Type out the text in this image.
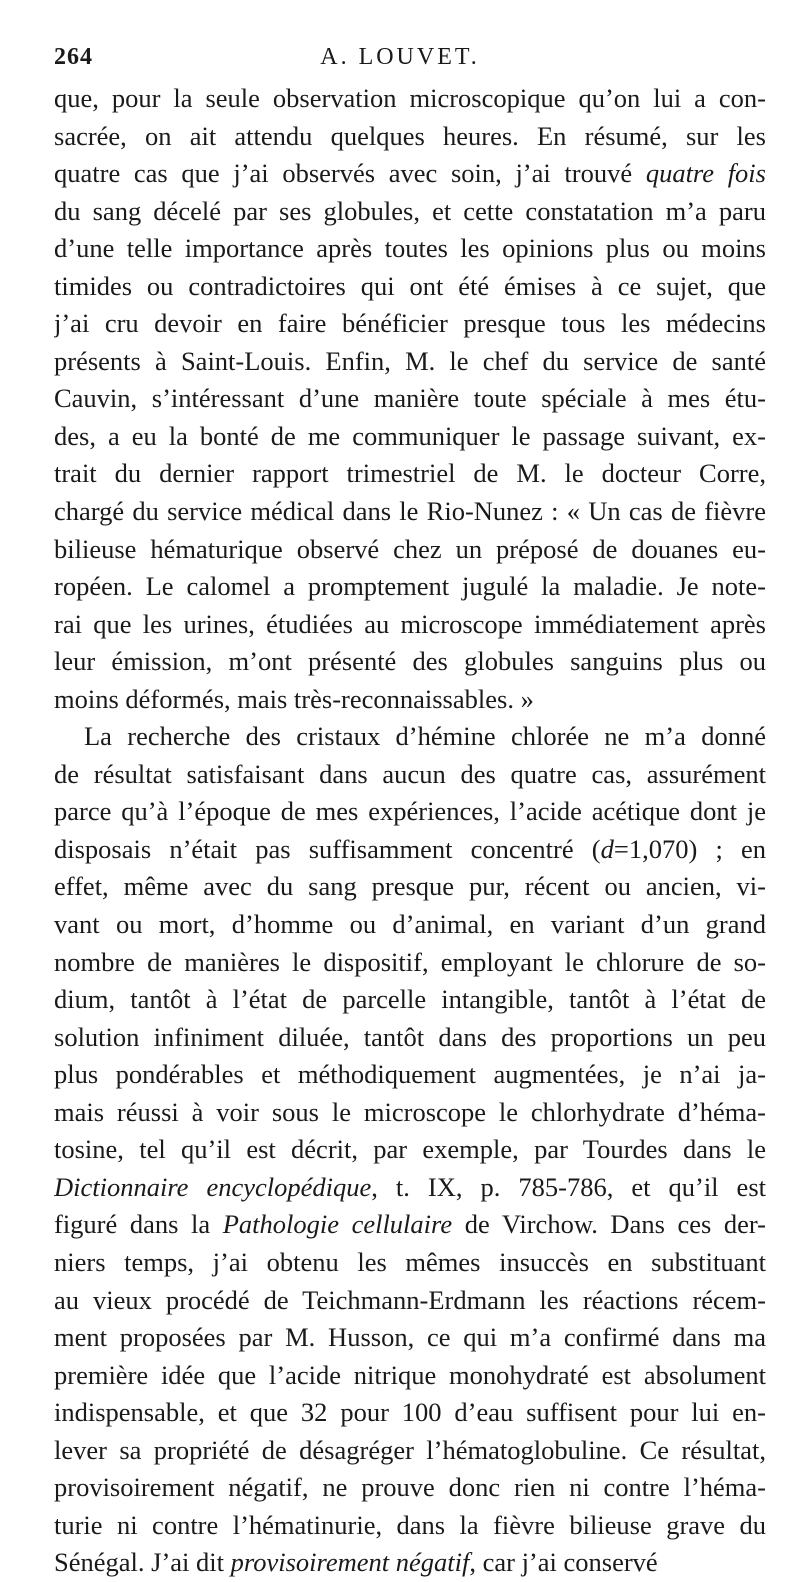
264	A. LOUVET.
que, pour la seule observation microscopique qu’on lui a con-
sacrée, on ait attendu quelques heures. En résumé, sur les
quatre cas que j’ai observés avec soin, j’ai trouvé quatre fois
du sang décelé par ses globules, et cette constatation m’a paru
d’une telle importance après toutes les opinions plus ou moins
timides ou contradictoires qui ont été émises à ce sujet, que
j’ai cru devoir en faire bénéficier presque tous les médecins
présents à Saint-Louis. Enfin, M. le chef du service de santé
Cauvin, s’intéressant d’une manière toute spéciale à mes étu-
des, a eu la bonté de me communiquer le passage suivant, ex-
trait du dernier rapport trimestriel de M. le docteur Corre,
chargé du service médical dans le Rio-Nunez : « Un cas de fièvre
bilieuse hématurique observé chez un préposé de douanes eu-
ropéen. Le calomel a promptement jugulé la maladie. Je note-
rai que les urines, étudiées au microscope immédiatement après
leur émission, m’ont présenté des globules sanguins plus ou
moins déformés, mais très-reconnaissables. »
La recherche des cristaux d’hémine chlorée ne m’a donné
de résultat satisfaisant dans aucun des quatre cas, assurément
parce qu’à l’époque de mes expériences, l’acide acétique dont je
disposais n’était pas suffisamment concentré (d=1,070) ; en
effet, même avec du sang presque pur, récent ou ancien, vi-
vant ou mort, d’homme ou d’animal, en variant d’un grand
nombre de manières le dispositif, employant le chlorure de so-
dium, tantôt à l’état de parcelle intangible, tantôt à l’état de
solution infiniment diluée, tantôt dans des proportions un peu
plus pondérables et méthodiquement augmentées, je n’ai ja-
mais réussi à voir sous le microscope le chlorhydrate d’héma-
tosine, tel qu’il est décrit, par exemple, par Tourdes dans le
Dictionnaire encyclopédique, t. IX, p. 785-786, et qu’il est
figuré dans la Pathologie cellulaire de Virchow. Dans ces der-
niers temps, j’ai obtenu les mêmes insuccès en substituant
au vieux procédé de Teichmann-Erdmann les réactions récem-
ment proposées par M. Husson, ce qui m’a confirmé dans ma
première idée que l’acide nitrique monohydraté est absolument
indispensable, et que 32 pour 100 d’eau suffisent pour lui en-
lever sa propriété de désagréger l’hématoglobuline. Ce résultat,
provisoirement négatif, ne prouve donc rien ni contre l’héma-
turie ni contre l’hématinurie, dans la fièvre bilieuse grave du
Sénégal. J’ai dit provisoirement négatif, car j’ai conservé
